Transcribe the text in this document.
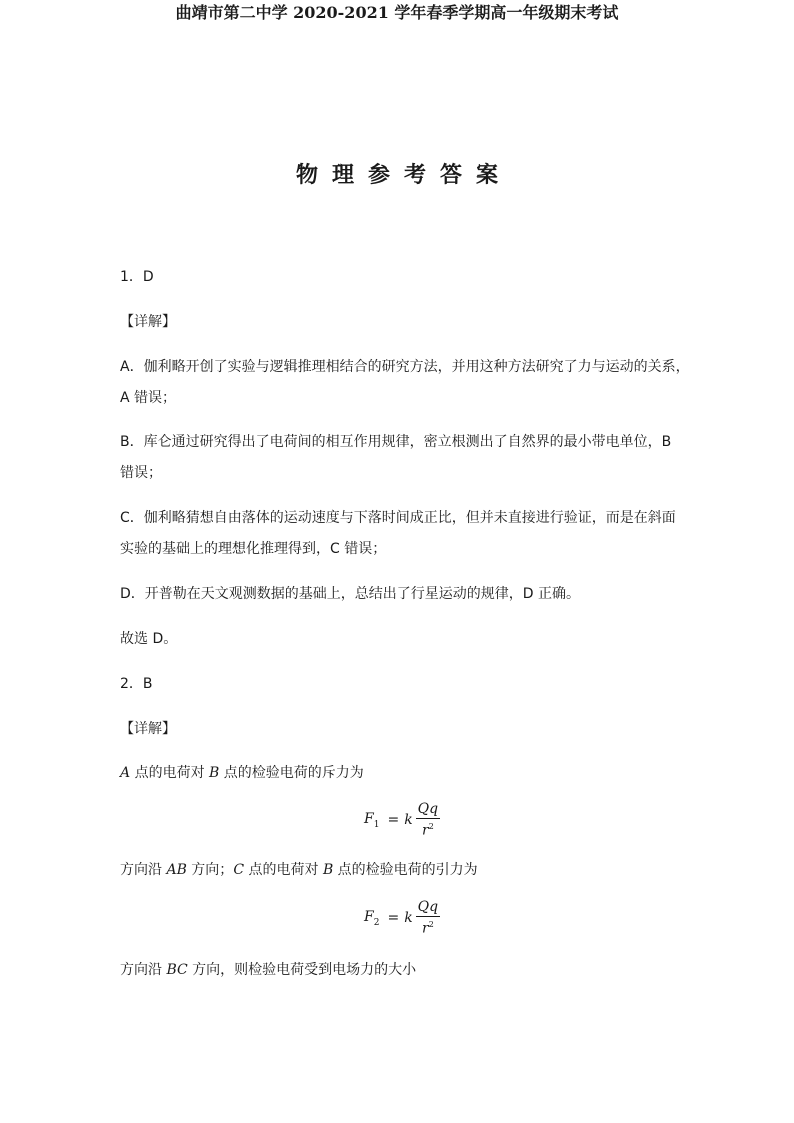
曲靖市第二中学 2020-2021 学年春季学期高一年级期末考试
物理参考答案
1．D
【详解】
A．伽利略开创了实验与逻辑推理相结合的研究方法，并用这种方法研究了力与运动的关系，
A 错误；
B．库仑通过研究得出了电荷间的相互作用规律，密立根测出了自然界的最小带电单位，B
错误；
C．伽利略猜想自由落体的运动速度与下落时间成正比，但并未直接进行验证，而是在斜面
实验的基础上的理想化推理得到，C 错误；
D．开普勒在天文观测数据的基础上，总结出了行星运动的规律，D 正确。
故选 D。
2．B
【详解】
A 点的电荷对 B 点的检验电荷的斥力为
$F_1 = k \frac{Qq}{r^2}$
方向沿 AB 方向；C 点的电荷对 B 点的检验电荷的引力为
$F_2 = k \frac{Qq}{r^2}$
方向沿 BC 方向，则检验电荷受到电场力的大小
